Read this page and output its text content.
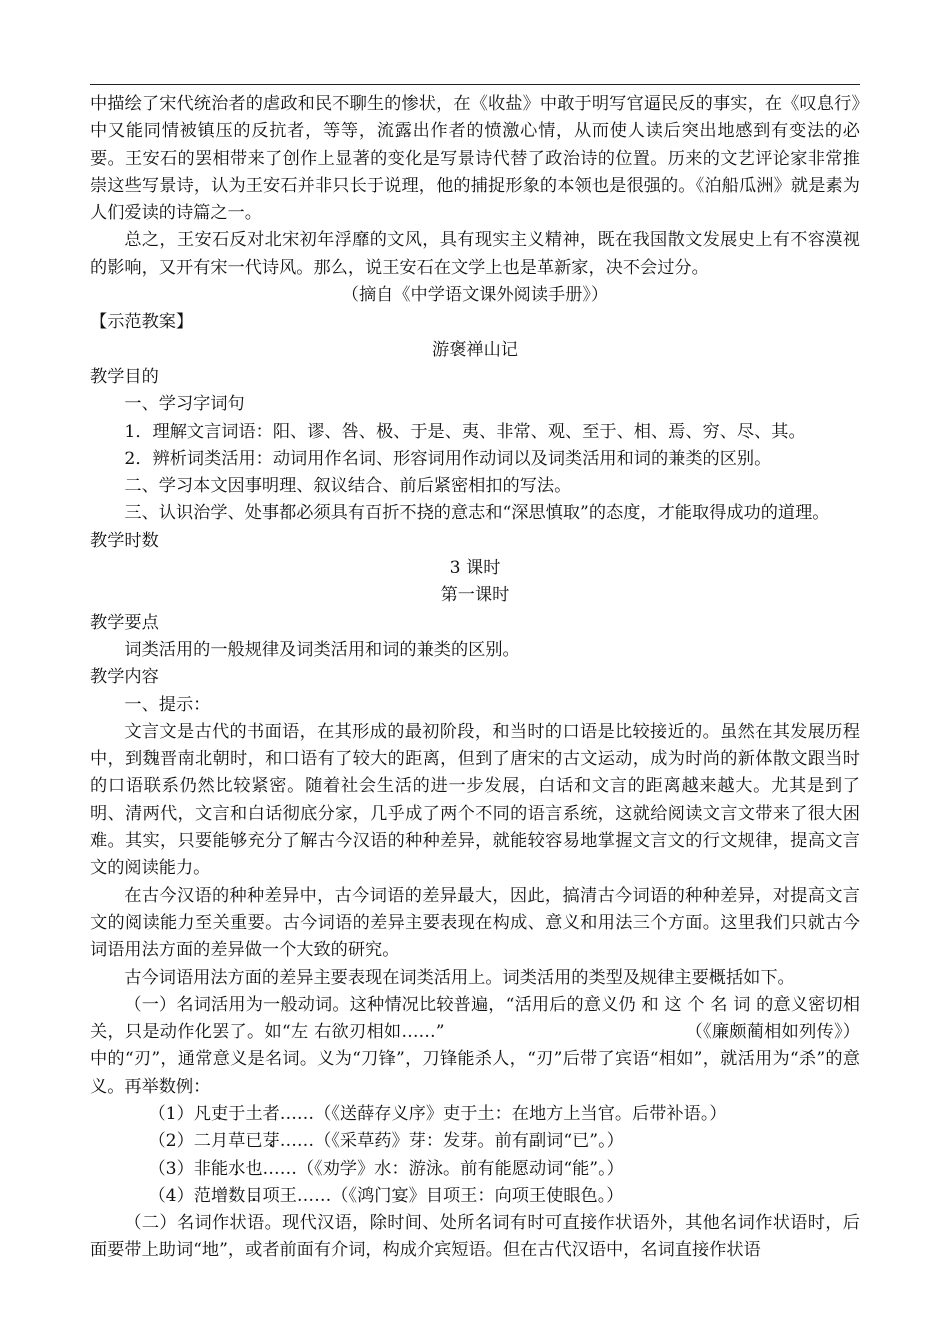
中描绘了宋代统治者的虐政和民不聊生的惨状，在《收盐》中敢于明写官逼民反的事实，在《叹息行》中又能同情被镇压的反抗者，等等，流露出作者的愤激心情，从而使人读后突出地感到有变法的必要。王安石的罢相带来了创作上显著的变化是写景诗代替了政治诗的位置。历来的文艺评论家非常推崇这些写景诗，认为王安石并非只长于说理，他的捕捉形象的本领也是很强的。《泊船瓜洲》就是素为人们爱读的诗篇之一。

总之，王安石反对北宋初年浮靡的文风，具有现实主义精神，既在我国散文发展史上有不容漠视的影响，又开有宋一代诗风。那么，说王安石在文学上也是革新家，决不会过分。

（摘自《中学语文课外阅读手册》）

【示范教案】

游褒禅山记

教学目的

一、学习字词句

1．理解文言词语：阳、谬、咎、极、于是、夷、非常、观、至于、相、焉、穷、尽、其。

2．辨析词类活用：动词用作名词、形容词用作动词以及词类活用和词的兼类的区别。

二、学习本文因事明理、叙议结合、前后紧密相扣的写法。

三、认识治学、处事都必须具有百折不挠的意志和“深思慎取”的态度，才能取得成功的道理。

教学时数

3 课时

第一课时

教学要点

词类活用的一般规律及词类活用和词的兼类的区别。

教学内容

一、提示：

文言文是古代的书面语，在其形成的最初阶段，和当时的口语是比较接近的。虽然在其发展历程中，到魏晋南北朝时，和口语有了较大的距离，但到了唐宋的古文运动，成为时尚的新体散文跟当时的口语联系仍然比较紧密。随着社会生活的进一步发展，白话和文言的距离越来越大。尤其是到了明、清两代，文言和白话彻底分家，几乎成了两个不同的语言系统，这就给阅读文言文带来了很大困难。其实，只要能够充分了解古今汉语的种种差异，就能较容易地掌握文言文的行文规律，提高文言文的阅读能力。

在古今汉语的种种差异中，古今词语的差异最大，因此，搞清古今词语的种种差异，对提高文言文的阅读能力至关重要。古今词语的差异主要表现在构成、意义和用法三个方面。这里我们只就古今词语用法方面的差异做一个大致的研究。

古今词语用法方面的差异主要表现在词类活用上。词类活用的类型及规律主要概括如下。

（一）名词活用为一般动词。这种情况比较普遍，“活用后的意义仍 和 这 个 名 词 的意义密切相关，只是动作化罢了。如“左 右欲刃相如……”	（《廉颇蔺相如列传》）中的“刃”，通常意义是名词。义为“刀锋”，刀锋能杀人，“刃”后带了宾语“相如”，就活用为“杀”的意义。再举数例：

（1）凡吏于土者……（《送薛存义序》吏于土：在地方上当官。后带补语。）

（2）二月草已芽……（《采草药》芽：发芽。前有副词“已”。）

（3）非能水也……（《劝学》水：游泳。前有能愿动词“能”。）

（4）范增数目项王……（《鸿门宴》目项王：向项王使眼色。）

（二）名词作状语。现代汉语，除时间、处所名词有时可直接作状语外，其他名词作状语时，后面要带上助词“地”，或者前面有介词，构成介宾短语。但在古代汉语中，名词直接作状语
